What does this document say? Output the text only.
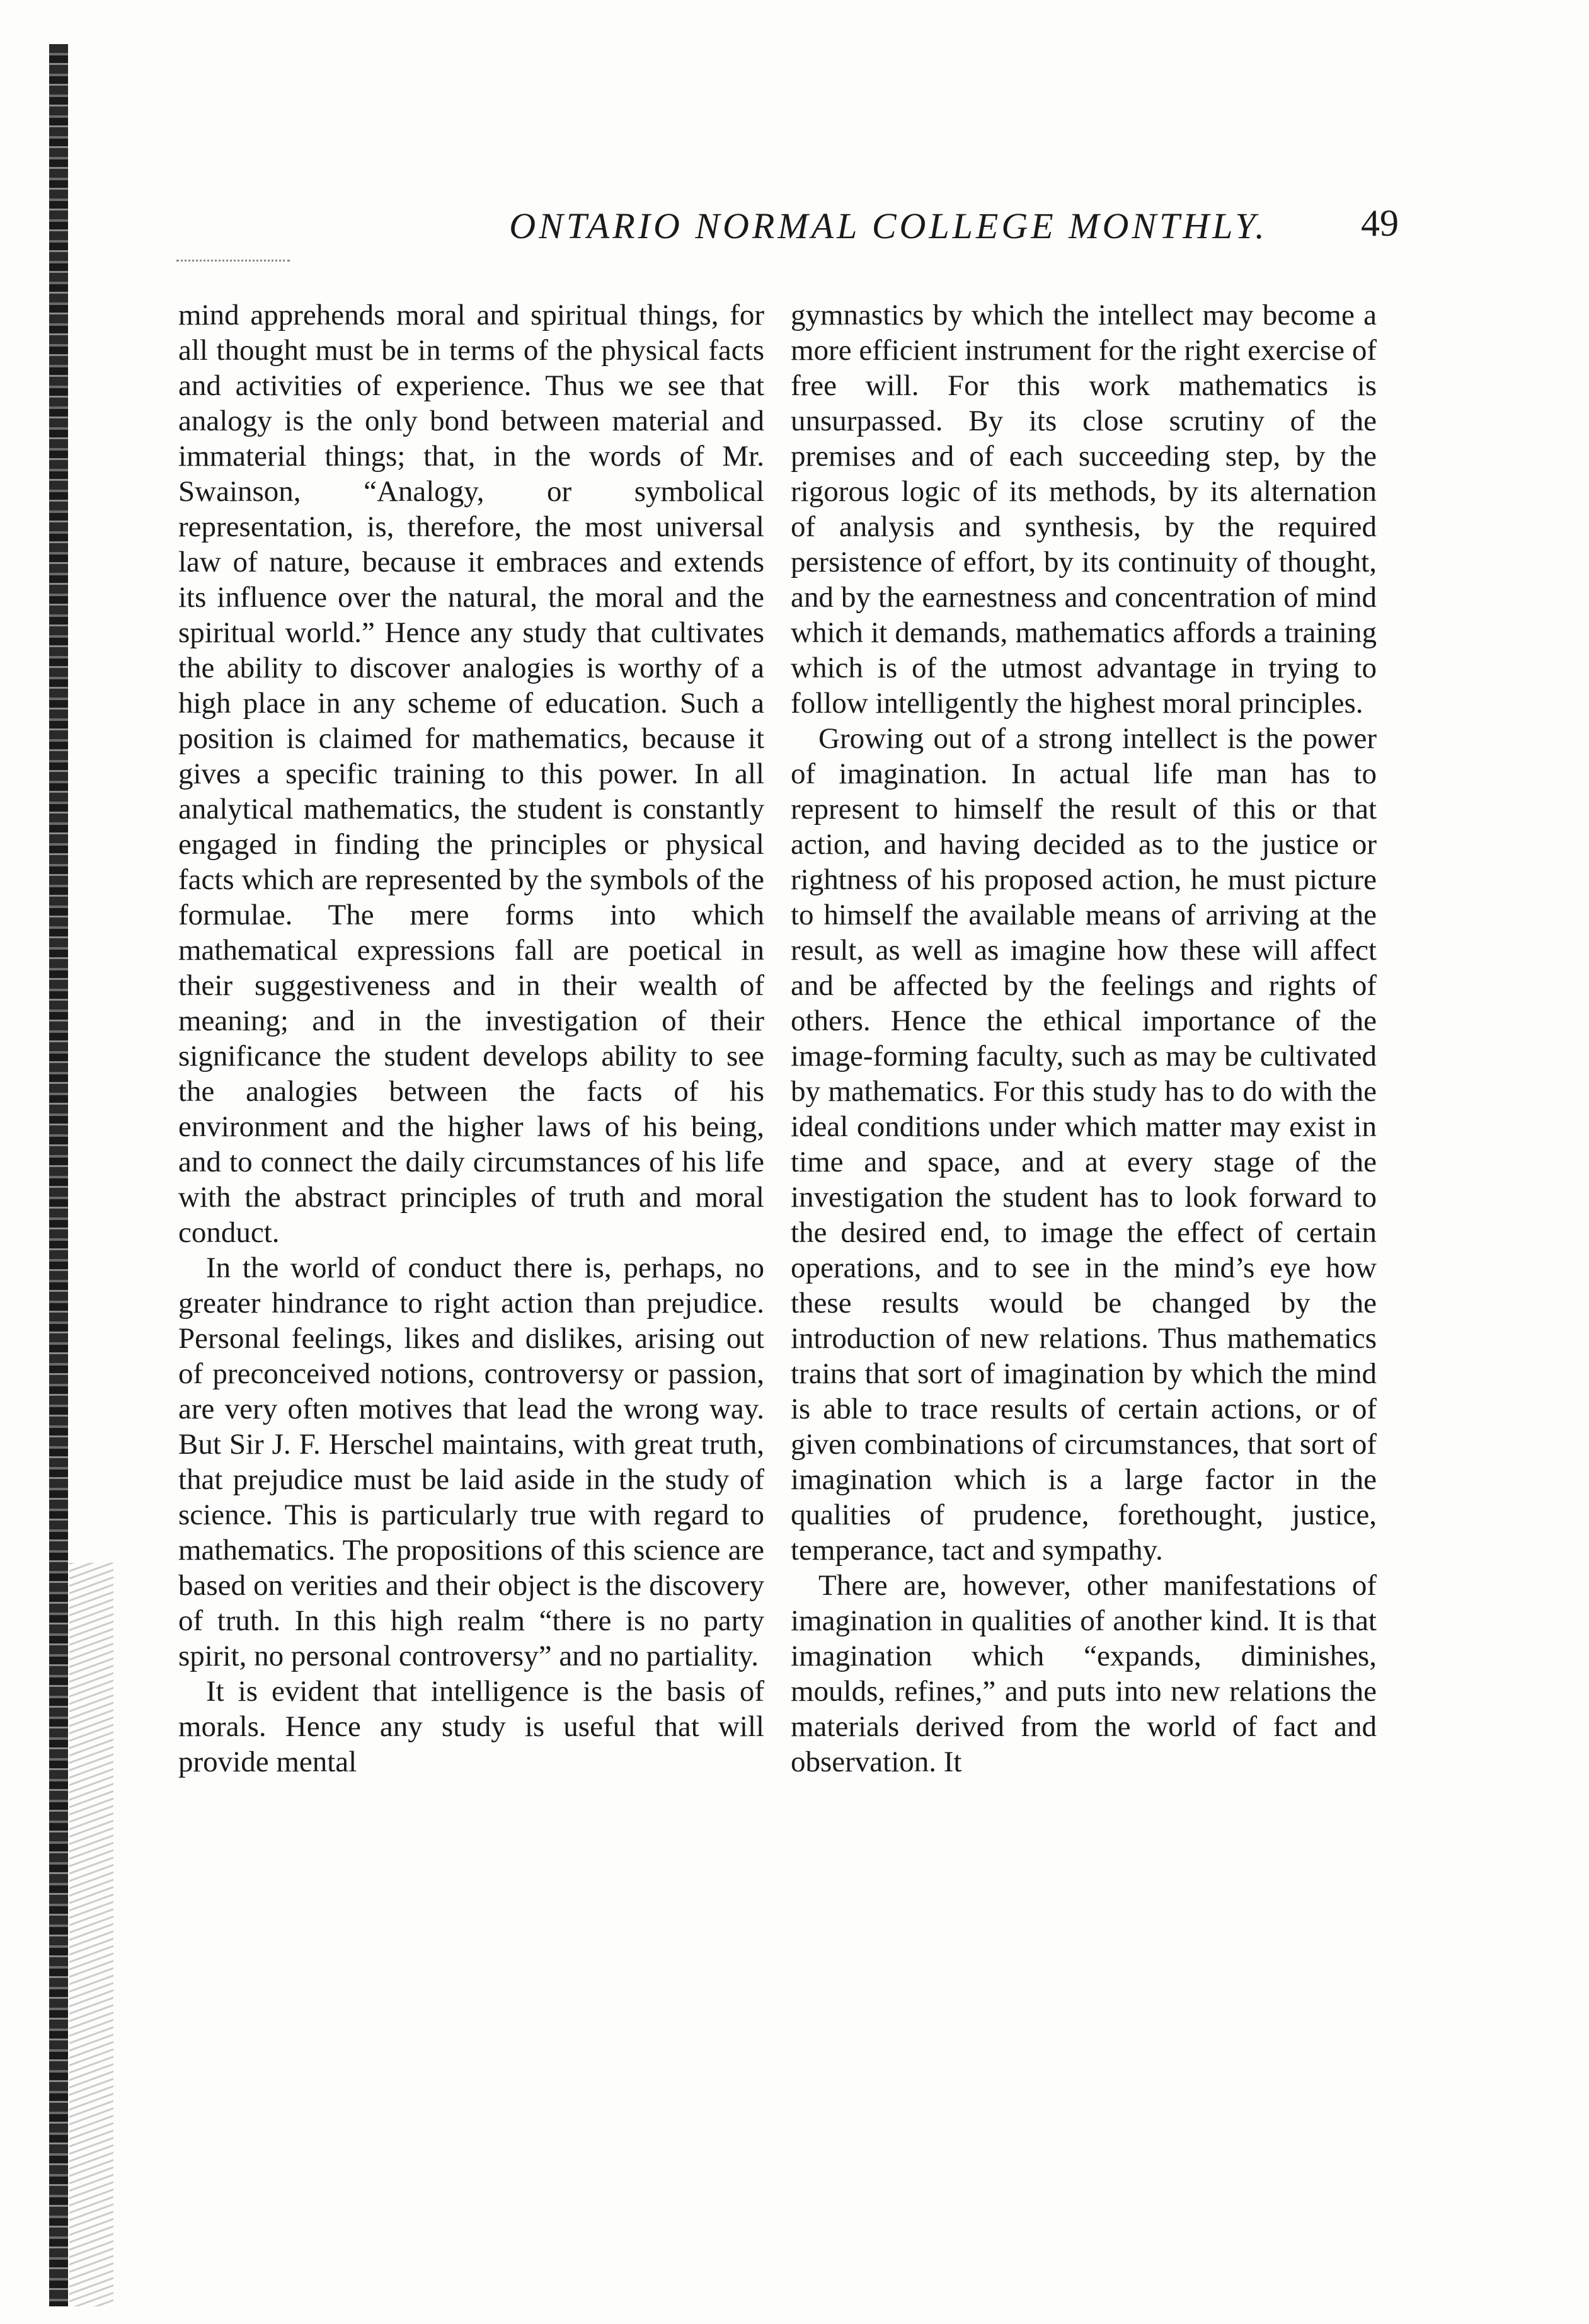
ONTARIO NORMAL COLLEGE MONTHLY.	49

mind apprehends moral and spiritual things, for all thought must be in terms of the physical facts and activities of experience. Thus we see that analogy is the only bond between material and immaterial things; that, in the words of Mr. Swainson, “Analogy, or symbolical representation, is, therefore, the most universal law of nature, because it embraces and extends its influence over the natural, the moral and the spiritual world.” Hence any study that cultivates the ability to discover analogies is worthy of a high place in any scheme of education. Such a position is claimed for mathematics, because it gives a specific training to this power. In all analytical mathematics, the student is constantly engaged in finding the principles or physical facts which are represented by the symbols of the formulae. The mere forms into which mathematical expressions fall are poetical in their suggestiveness and in their wealth of meaning; and in the investigation of their significance the student develops ability to see the analogies between the facts of his environment and the higher laws of his being, and to connect the daily circumstances of his life with the abstract principles of truth and moral conduct.

In the world of conduct there is, perhaps, no greater hindrance to right action than prejudice. Personal feelings, likes and dislikes, arising out of preconceived notions, controversy or passion, are very often motives that lead the wrong way. But Sir J. F. Herschel maintains, with great truth, that prejudice must be laid aside in the study of science. This is particularly true with regard to mathematics. The propositions of this science are based on verities and their object is the discovery of truth. In this high realm “there is no party spirit, no personal controversy” and no partiality.

It is evident that intelligence is the basis of morals. Hence any study is useful that will provide mental

gymnastics by which the intellect may become a more efficient instrument for the right exercise of free will. For this work mathematics is unsurpassed. By its close scrutiny of the premises and of each succeeding step, by the rigorous logic of its methods, by its alternation of analysis and synthesis, by the required persistence of effort, by its continuity of thought, and by the earnestness and concentration of mind which it demands, mathematics affords a training which is of the utmost advantage in trying to follow intelligently the highest moral principles.

Growing out of a strong intellect is the power of imagination. In actual life man has to represent to himself the result of this or that action, and having decided as to the justice or rightness of his proposed action, he must picture to himself the available means of arriving at the result, as well as imagine how these will affect and be affected by the feelings and rights of others. Hence the ethical importance of the image-forming faculty, such as may be cultivated by mathematics. For this study has to do with the ideal conditions under which matter may exist in time and space, and at every stage of the investigation the student has to look forward to the desired end, to image the effect of certain operations, and to see in the mind’s eye how these results would be changed by the introduction of new relations. Thus mathematics trains that sort of imagination by which the mind is able to trace results of certain actions, or of given combinations of circumstances, that sort of imagination which is a large factor in the qualities of prudence, forethought, justice, temperance, tact and sympathy.

There are, however, other manifestations of imagination in qualities of another kind. It is that imagination which “expands, diminishes, moulds, refines,” and puts into new relations the materials derived from the world of fact and observation. It
